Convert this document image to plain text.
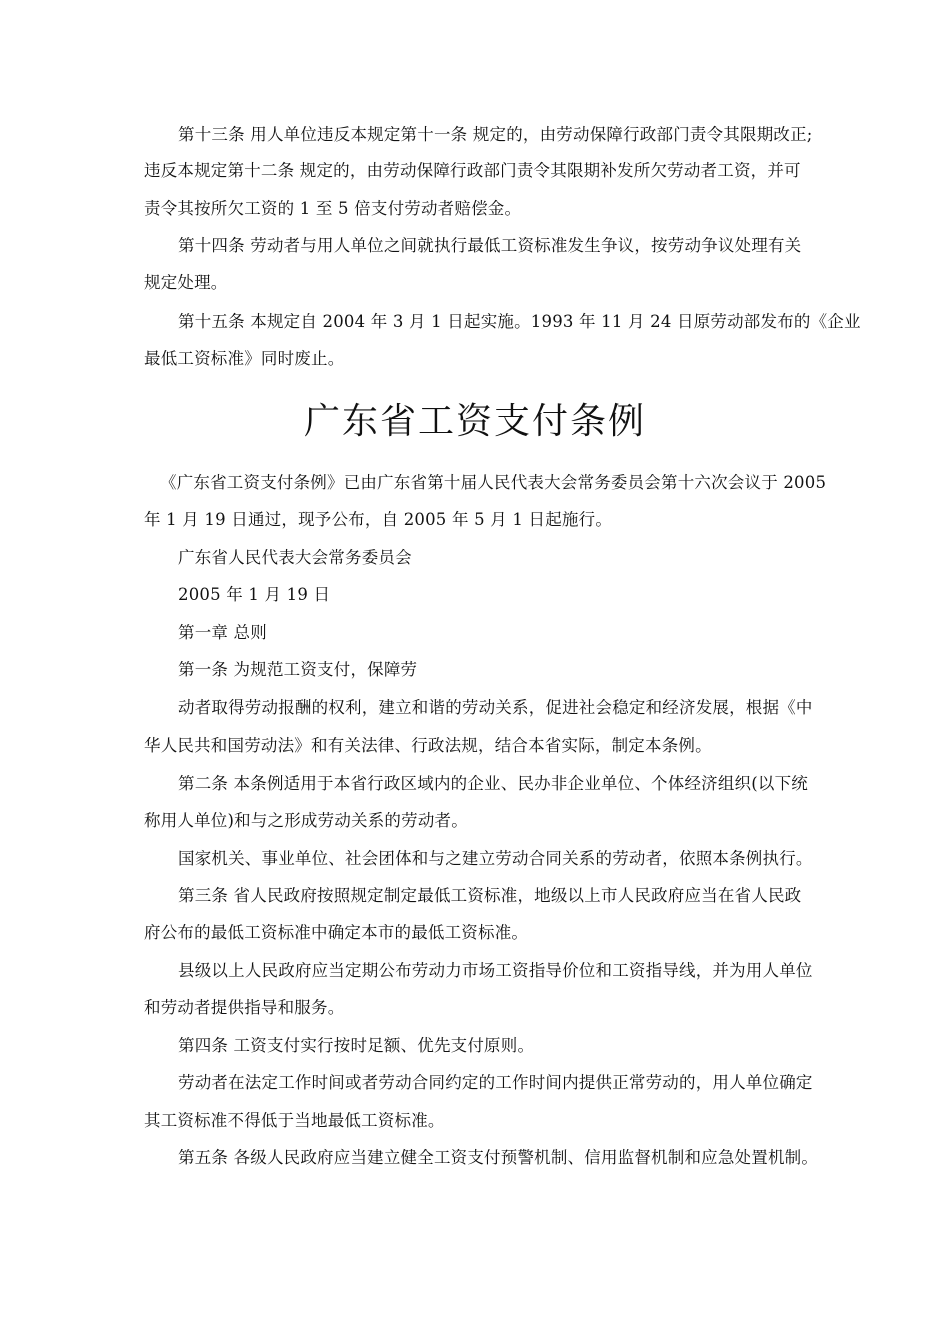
第十三条 用人单位违反本规定第十一条 规定的，由劳动保障行政部门责令其限期改正;
违反本规定第十二条 规定的，由劳动保障行政部门责令其限期补发所欠劳动者工资，并可
责令其按所欠工资的 1 至 5 倍支付劳动者赔偿金。
第十四条 劳动者与用人单位之间就执行最低工资标准发生争议，按劳动争议处理有关
规定处理。
第十五条 本规定自 2004 年 3 月 1 日起实施。1993 年 11 月 24 日原劳动部发布的《企业
最低工资标准》同时废止。
广东省工资支付条例
《广东省工资支付条例》已由广东省第十届人民代表大会常务委员会第十六次会议于 2005
年 1 月 19 日通过，现予公布，自 2005 年 5 月 1 日起施行。
广东省人民代表大会常务委员会
2005 年 1 月 19 日
第一章 总则
第一条 为规范工资支付，保障劳
动者取得劳动报酬的权利，建立和谐的劳动关系，促进社会稳定和经济发展，根据《中
华人民共和国劳动法》和有关法律、行政法规，结合本省实际，制定本条例。
第二条 本条例适用于本省行政区域内的企业、民办非企业单位、个体经济组织(以下统
称用人单位)和与之形成劳动关系的劳动者。
国家机关、事业单位、社会团体和与之建立劳动合同关系的劳动者，依照本条例执行。
第三条 省人民政府按照规定制定最低工资标准，地级以上市人民政府应当在省人民政
府公布的最低工资标准中确定本市的最低工资标准。
县级以上人民政府应当定期公布劳动力市场工资指导价位和工资指导线，并为用人单位
和劳动者提供指导和服务。
第四条 工资支付实行按时足额、优先支付原则。
劳动者在法定工作时间或者劳动合同约定的工作时间内提供正常劳动的，用人单位确定
其工资标准不得低于当地最低工资标准。
第五条 各级人民政府应当建立健全工资支付预警机制、信用监督机制和应急处置机制。
